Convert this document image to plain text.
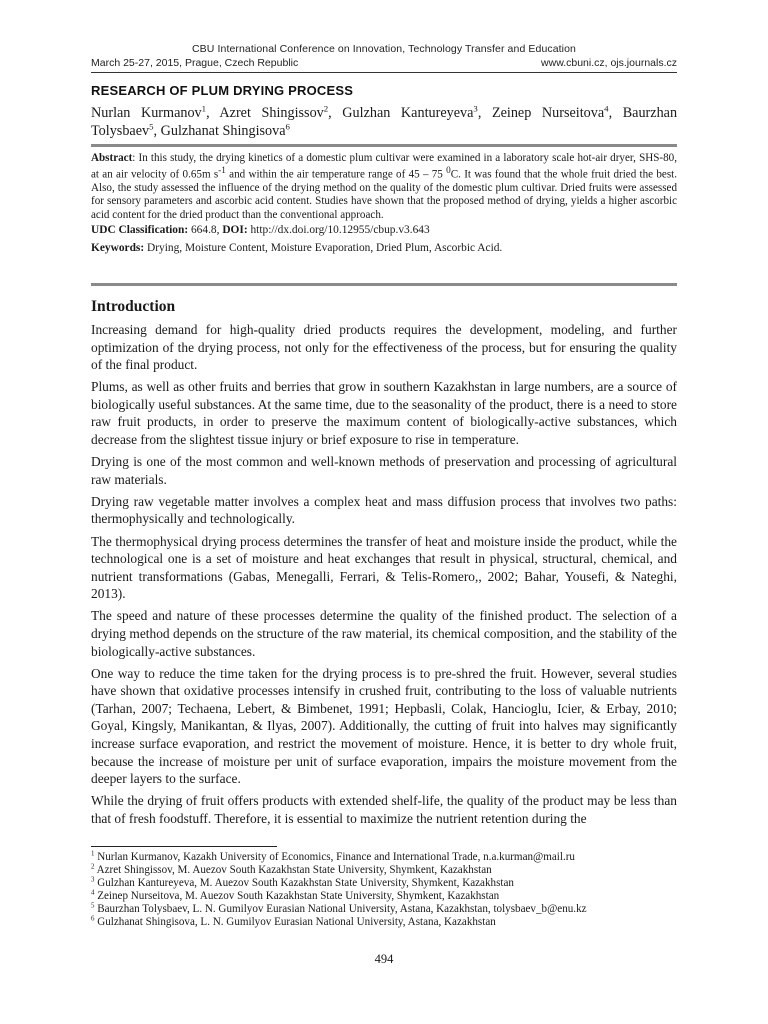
CBU International Conference on Innovation, Technology Transfer and Education
March 25-27, 2015, Prague, Czech Republic	www.cbuni.cz, ojs.journals.cz
RESEARCH OF PLUM DRYING PROCESS
Nurlan Kurmanov$^1$, Azret Shingissov$^2$, Gulzhan Kantureyeva$^3$, Zeinep Nurseitova$^4$, Baurzhan Tolysbaev$^5$, Gulzhanat Shingisova$^6$

Abstract: In this study, the drying kinetics of a domestic plum cultivar were examined in a laboratory scale hot-air dryer, SHS-80, at an air velocity of 0.65m $s^{-1}$ and within the air temperature range of 45 – 75 $^0$C. It was found that the whole fruit dried the best. Also, the study assessed the influence of the drying method on the quality of the domestic plum cultivar. Dried fruits were assessed for sensory parameters and ascorbic acid content. Studies have shown that the proposed method of drying, yields a higher ascorbic acid content for the dried product than the conventional approach.

UDC Classification: 664.8, DOI: http://dx.doi.org/10.12955/cbup.v3.643

Keywords: Drying, Moisture Content, Moisture Evaporation, Dried Plum, Ascorbic Acid.

Introduction

Increasing demand for high-quality dried products requires the development, modeling, and further optimization of the drying process, not only for the effectiveness of the process, but for ensuring the quality of the final product.

Plums, as well as other fruits and berries that grow in southern Kazakhstan in large numbers, are a source of biologically useful substances. At the same time, due to the seasonality of the product, there is a need to store raw fruit products, in order to preserve the maximum content of biologically-active substances, which decrease from the slightest tissue injury or brief exposure to rise in temperature.

Drying is one of the most common and well-known methods of preservation and processing of agricultural raw materials.

Drying raw vegetable matter involves a complex heat and mass diffusion process that involves two paths: thermophysically and technologically.

The thermophysical drying process determines the transfer of heat and moisture inside the product, while the technological one is a set of moisture and heat exchanges that result in physical, structural, chemical, and nutrient transformations (Gabas, Menegalli, Ferrari, & Telis-Romero,, 2002; Bahar, Yousefi, & Nateghi, 2013).

The speed and nature of these processes determine the quality of the finished product. The selection of a drying method depends on the structure of the raw material, its chemical composition, and the stability of the biologically-active substances.

One way to reduce the time taken for the drying process is to pre-shred the fruit. However, several studies have shown that oxidative processes intensify in crushed fruit, contributing to the loss of valuable nutrients (Tarhan, 2007; Techaena, Lebert, & Bimbenet, 1991; Hepbasli, Colak, Hancioglu, Icier, & Erbay, 2010; Goyal, Kingsly, Manikantan, & Ilyas, 2007). Additionally, the cutting of fruit into halves may significantly increase surface evaporation, and restrict the movement of moisture. Hence, it is better to dry whole fruit, because the increase of moisture per unit of surface evaporation, impairs the moisture movement from the deeper layers to the surface.

While the drying of fruit offers products with extended shelf-life, the quality of the product may be less than that of fresh foodstuff. Therefore, it is essential to maximize the nutrient retention during the

$^1$ Nurlan Kurmanov, Kazakh University of Economics, Finance and International Trade, n.a.kurman@mail.ru
$^2$ Azret Shingissov, M. Auezov South Kazakhstan State University, Shymkent, Kazakhstan
$^3$ Gulzhan Kantureyeva, M. Auezov South Kazakhstan State University, Shymkent, Kazakhstan
$^4$ Zeinep Nurseitova, M. Auezov South Kazakhstan State University, Shymkent, Kazakhstan
$^5$ Baurzhan Tolysbaev, L. N. Gumilyov Eurasian National University, Astana, Kazakhstan, tolysbaev_b@enu.kz
$^6$ Gulzhanat Shingisova, L. N. Gumilyov Eurasian National University, Astana, Kazakhstan
494
